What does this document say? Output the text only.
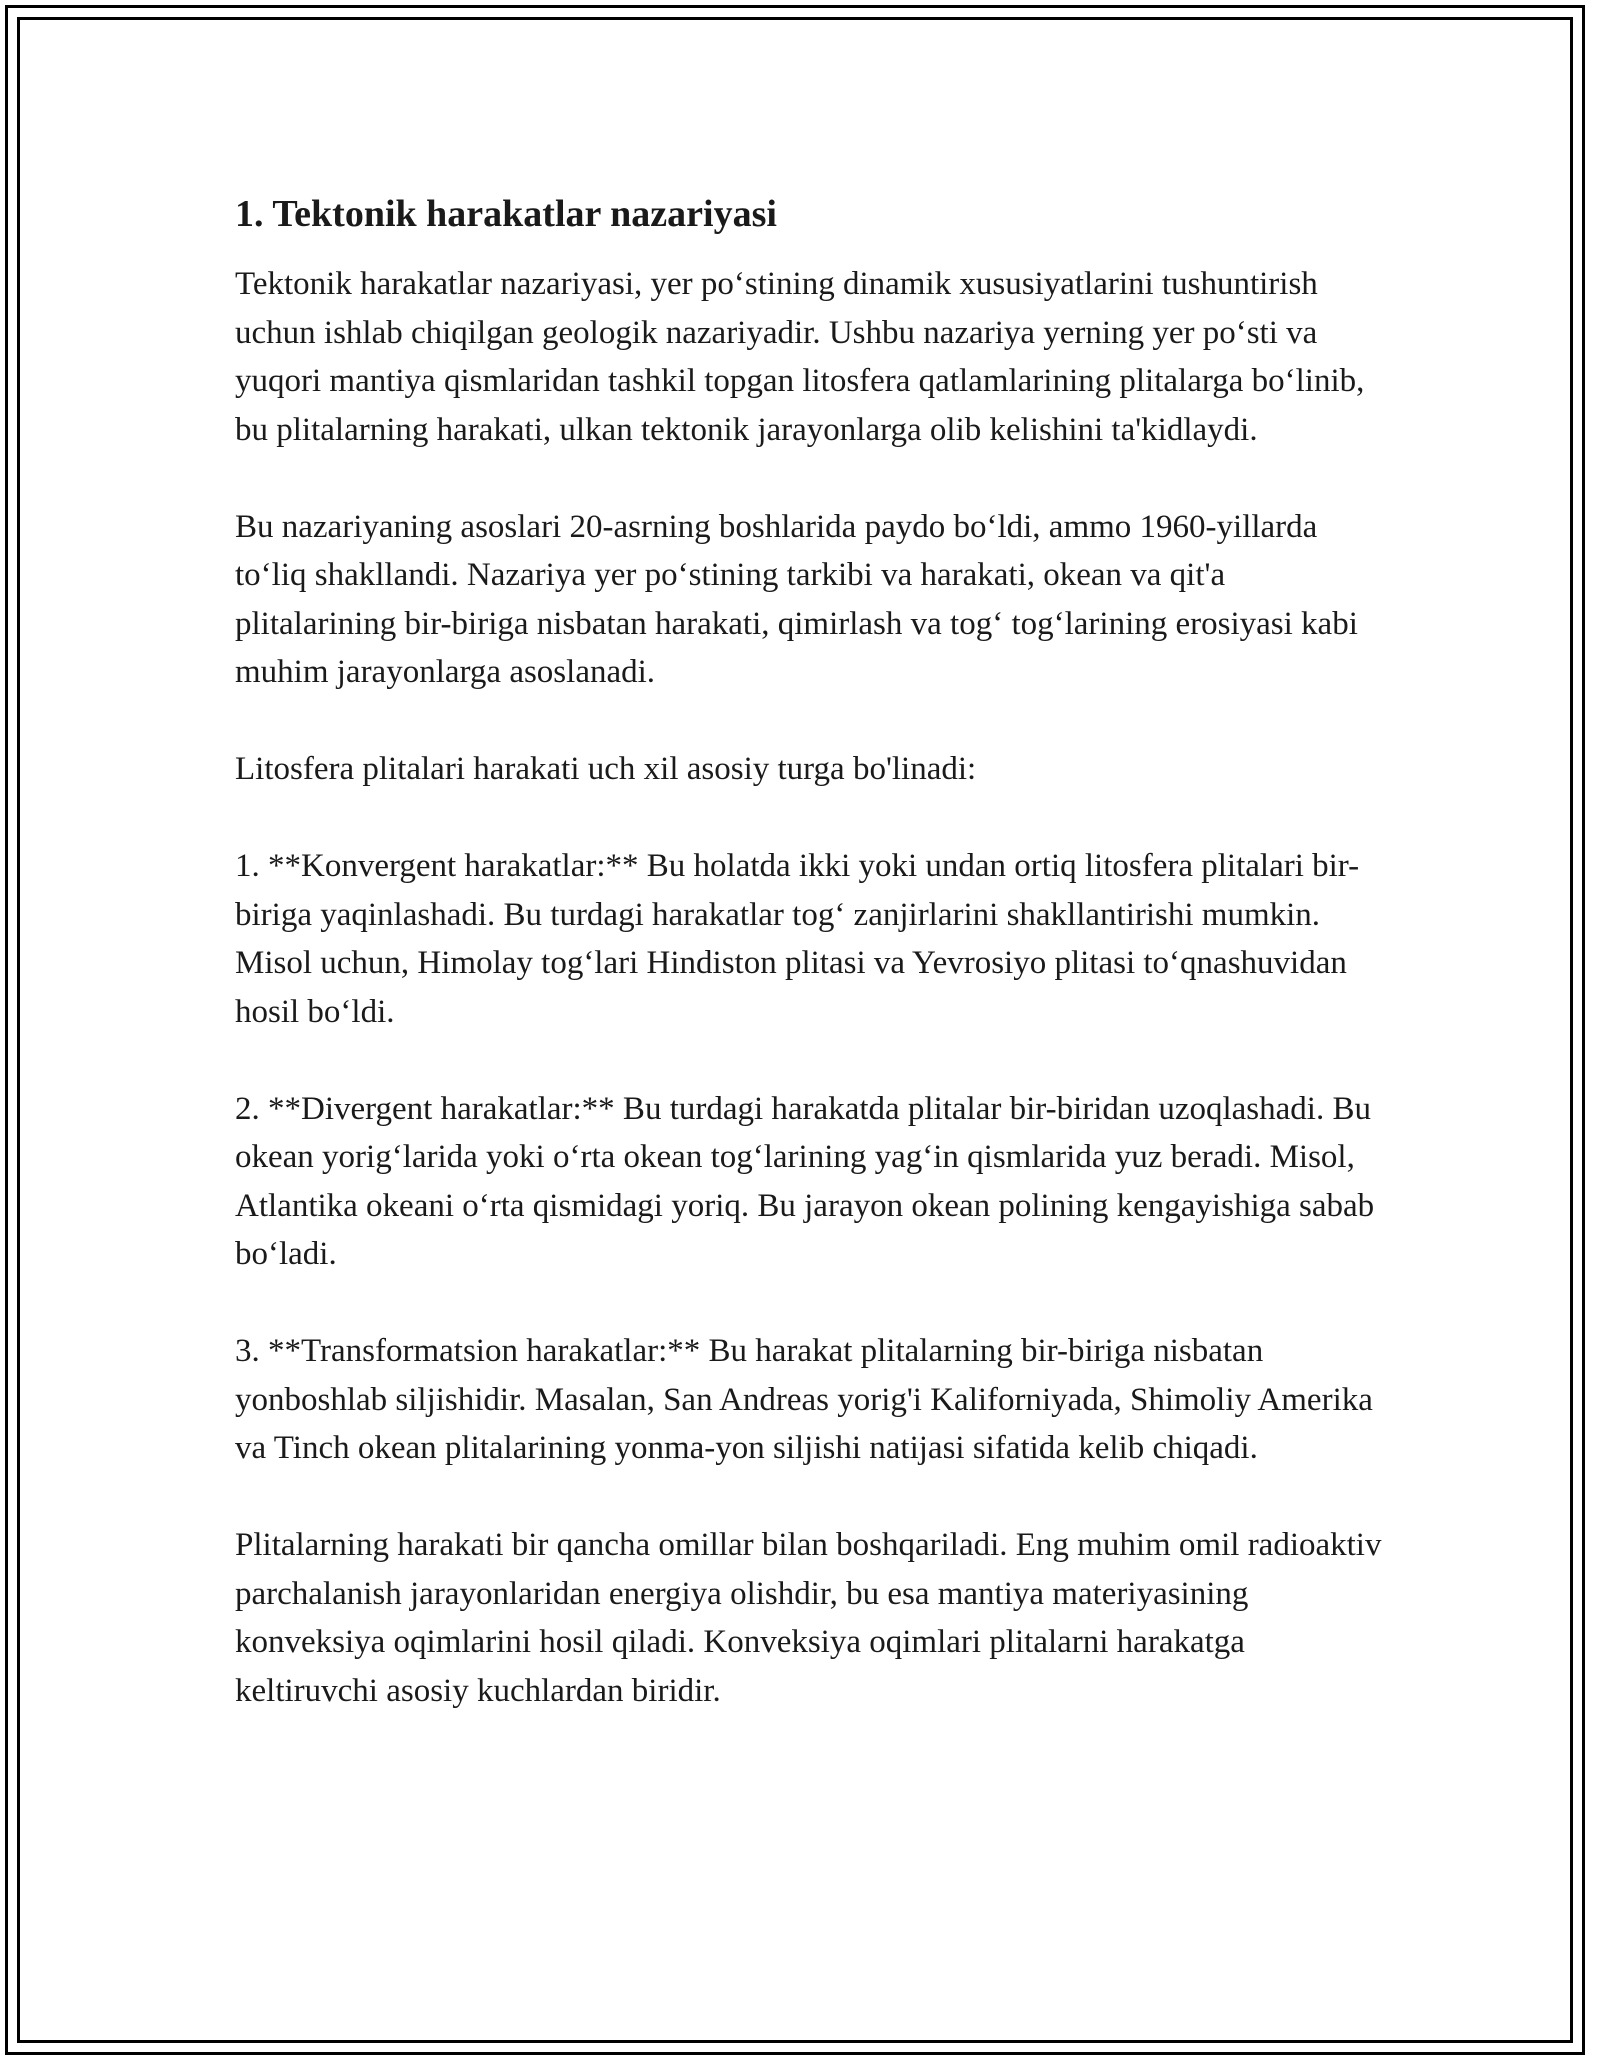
1. Tektonik harakatlar nazariyasi

Tektonik harakatlar nazariyasi, yer po‘stining dinamik xususiyatlarini tushuntirish uchun ishlab chiqilgan geologik nazariyadir. Ushbu nazariya yerning yer po‘sti va yuqori mantiya qismlaridan tashkil topgan litosfera qatlamlarining plitalarga bo‘linib, bu plitalarning harakati, ulkan tektonik jarayonlarga olib kelishini ta'kidlaydi.

Bu nazariyaning asoslari 20-asrning boshlarida paydo bo‘ldi, ammo 1960-yillarda to‘liq shakllandi. Nazariya yer po‘stining tarkibi va harakati, okean va qit'a plitalarining bir-biriga nisbatan harakati, qimirlash va tog‘ tog‘larining erosiyasi kabi muhim jarayonlarga asoslanadi.

Litosfera plitalari harakati uch xil asosiy turga bo'linadi:

1. **Konvergent harakatlar:** Bu holatda ikki yoki undan ortiq litosfera plitalari bir-biriga yaqinlashadi. Bu turdagi harakatlar tog‘ zanjirlarini shakllantirishi mumkin. Misol uchun, Himolay tog‘lari Hindiston plitasi va Yevrosiyo plitasi to‘qnashuvidan hosil bo‘ldi.

2. **Divergent harakatlar:** Bu turdagi harakatda plitalar bir-biridan uzoqlashadi. Bu okean yorig‘larida yoki o‘rta okean tog‘larining yag‘in qismlarida yuz beradi. Misol, Atlantika okeani o‘rta qismidagi yoriq. Bu jarayon okean polining kengayishiga sabab bo‘ladi.

3. **Transformatsion harakatlar:** Bu harakat plitalarning bir-biriga nisbatan yonboshlab siljishidir. Masalan, San Andreas yorig'i Kaliforniyada, Shimoliy Amerika va Tinch okean plitalarining yonma-yon siljishi natijasi sifatida kelib chiqadi.

Plitalarning harakati bir qancha omillar bilan boshqariladi. Eng muhim omil radioaktiv parchalanish jarayonlaridan energiya olishdir, bu esa mantiya materiyasining konveksiya oqimlarini hosil qiladi. Konveksiya oqimlari plitalarni harakatga keltiruvchi asosiy kuchlardan biridir.
